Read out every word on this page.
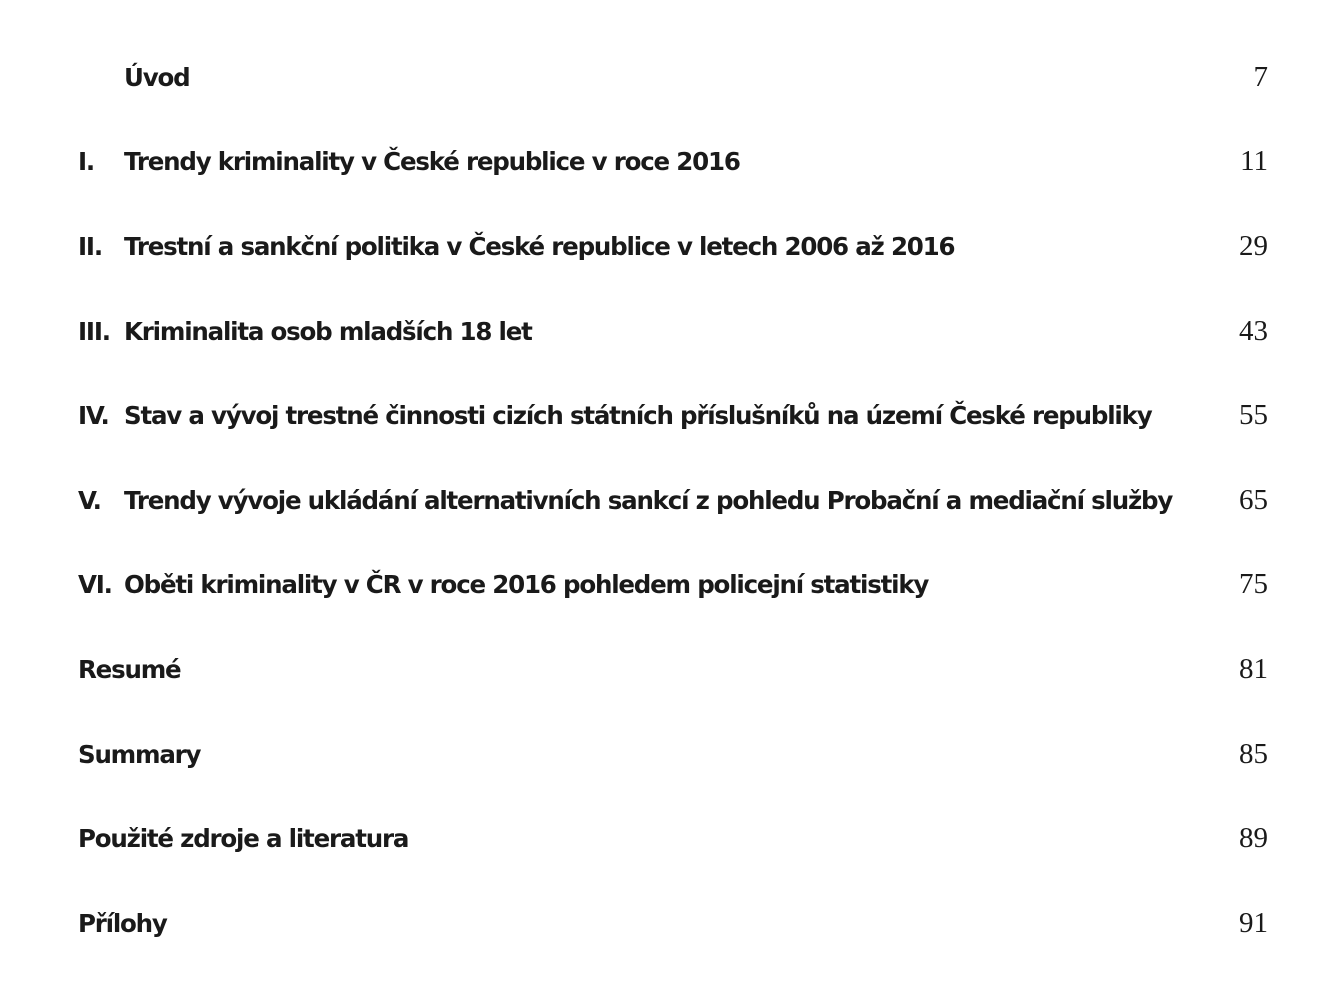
Úvod	7
I.	Trendy kriminality v České republice v roce 2016	11
II. Trestní a sankční politika v České republice v letech 2006 až 2016	29
III. Kriminalita osob mladších 18 let	43
IV. Stav a vývoj trestné činnosti cizích státních příslušníků na území České republiky	55
V. Trendy vývoje ukládání alternativních sankcí z pohledu Probační a mediační služby 65
VI. Oběti kriminality v ČR v roce 2016 pohledem policejní statistiky	75
Resumé	81
Summary	85
Použité zdroje a literatura	89
Přílohy	91
